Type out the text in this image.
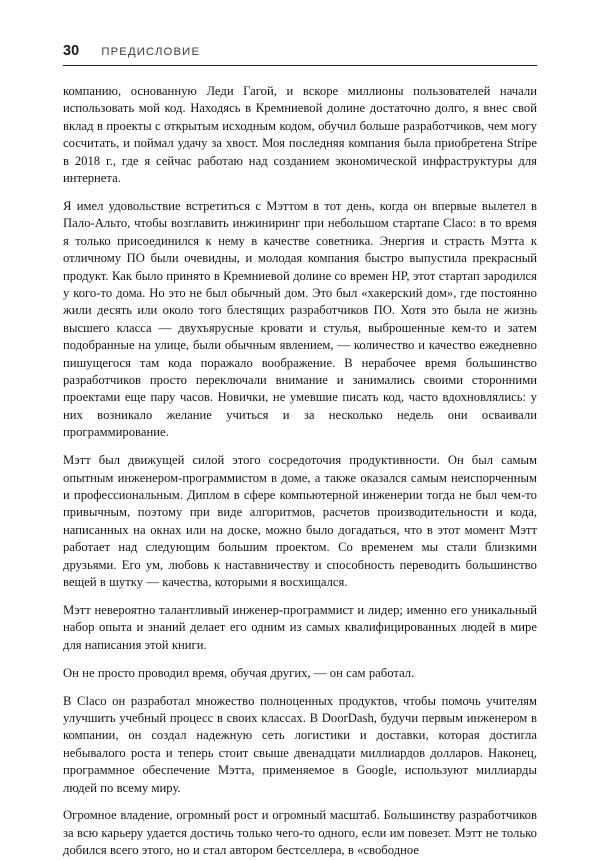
30 ПРЕДИСЛОВИЕ

компанию, основанную Леди Гагой, и вскоре миллионы пользователей начали использовать мой код. Находясь в Кремниевой долине достаточно долго, я внес свой вклад в проекты с открытым исходным кодом, обучил больше разработчиков, чем могу сосчитать, и поймал удачу за хвост. Моя последняя компания была приобретена Stripe в 2018 г., где я сейчас работаю над созданием экономической инфраструктуры для интернета.

Я имел удовольствие встретиться с Мэттом в тот день, когда он впервые вылетел в Пало-Альто, чтобы возглавить инжиниринг при небольшом стартапе Claco: в то время я только присоединился к нему в качестве советника. Энергия и страсть Мэтта к отличному ПО были очевидны, и молодая компания быстро выпустила прекрасный продукт. Как было принято в Кремниевой долине со времен HP, этот стартап зародился у кого-то дома. Но это не был обычный дом. Это был «хакерский дом», где постоянно жили десять или около того блестящих разработчиков ПО. Хотя это была не жизнь высшего класса — двухъярусные кровати и стулья, выброшенные кем-то и затем подобранные на улице, были обычным явлением, — количество и качество ежедневно пишущегося там кода поражало воображение. В нерабочее время большинство разработчиков просто переключали внимание и занимались своими сторонними проектами еще пару часов. Новички, не умевшие писать код, часто вдохновлялись: у них возникало желание учиться и за несколько недель они осваивали программирование.

Мэтт был движущей силой этого сосредоточия продуктивности. Он был самым опытным инженером-программистом в доме, а также оказался самым неиспорченным и профессиональным. Диплом в сфере компьютерной инженерии тогда не был чем-то привычным, поэтому при виде алгоритмов, расчетов производительности и кода, написанных на окнах или на доске, можно было догадаться, что в этот момент Мэтт работает над следующим большим проектом. Со временем мы стали близкими друзьями. Его ум, любовь к наставничеству и способность переводить большинство вещей в шутку — качества, которыми я восхищался.

Мэтт невероятно талантливый инженер-программист и лидер; именно его уникальный набор опыта и знаний делает его одним из самых квалифицированных людей в мире для написания этой книги.

Он не просто проводил время, обучая других, — он сам работал.

В Claco он разработал множество полноценных продуктов, чтобы помочь учителям улучшить учебный процесс в своих классах. В DoorDash, будучи первым инженером в компании, он создал надежную сеть логистики и доставки, которая достигла небывалого роста и теперь стоит свыше двенадцати миллиардов долларов. Наконец, программное обеспечение Мэтта, применяемое в Google, используют миллиарды людей по всему миру.

Огромное владение, огромный рост и огромный масштаб. Большинству разработчиков за всю карьеру удается достичь только чего-то одного, если им повезет. Мэтт не только добился всего этого, но и стал автором бестселлера, в «свободное
